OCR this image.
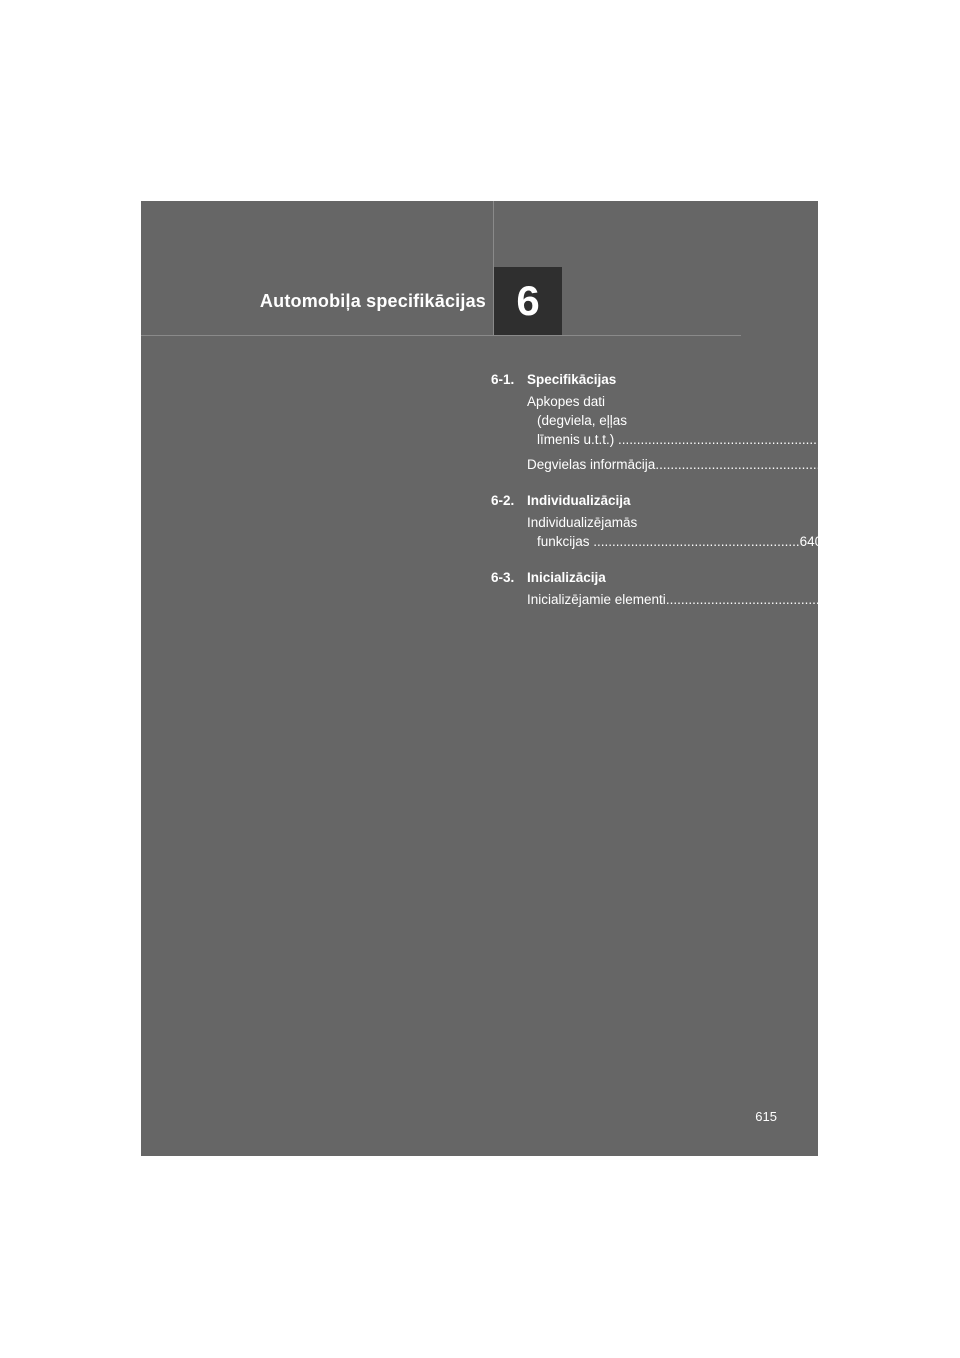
Automobiļa specifikācijas 6
6-1. Specifikācijas
Apkopes dati
(degviela, eļļas
līmenis u.t.t.) ....................................................... 616
Degvielas informācija ....................................................... 637
6-2. Individualizācija
Individualizējamās
funkcijas ....................................................... 640
6-3. Inicializācija
Inicializējamie elementi ....................................................... 644
615
